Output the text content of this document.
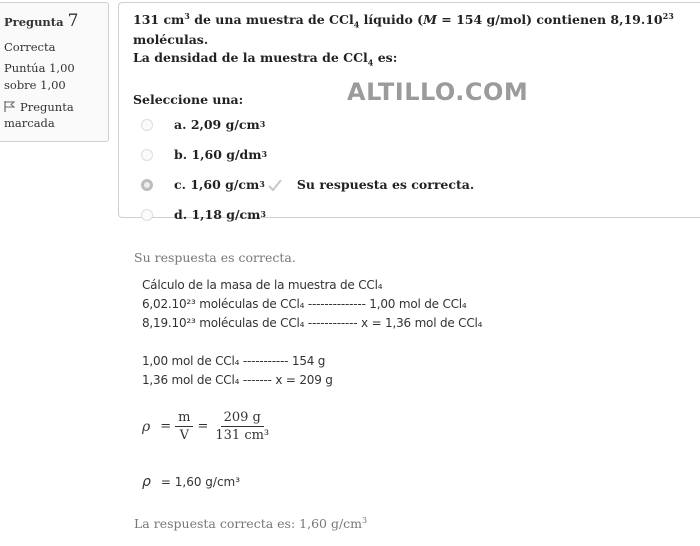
Pregunta 7
Correcta
Puntúa 1,00 sobre 1,00
Pregunta marcada
131 $cm^3$ de una muestra de CCl$_4$ líquido (M = 154 g/mol) contienen 8,19.10$^{23}$ moléculas.
La densidad de la muestra de CCl$_4$ es:
Seleccione una:
a.
2,09 g/cm 3
b.
1,60 g/dm 3
c.
1,60 g/cm 3	Su respuesta es correcta.
d.
1,18 g/cm 3
ALTILLO.COM
Su respuesta es correcta.
Cálculo de la masa de la muestra de CCl₄
6,02.10²³ moléculas de CCl₄ -------------- 1,00 mol de CCl₄
8,19.10²³ moléculas de CCl₄ ------------ x = 1,36 mol de CCl₄
1,00 mol de CCl₄ ----------- 154 g
1,36 mol de CCl₄ ------- x = 209 g
$\rho = \frac{m}{V} = \frac{209 g}{\text{131 cm³}}$
ρ = 1,60 g/cm³
La respuesta correcta es: 1,60 $g/cm^3$
